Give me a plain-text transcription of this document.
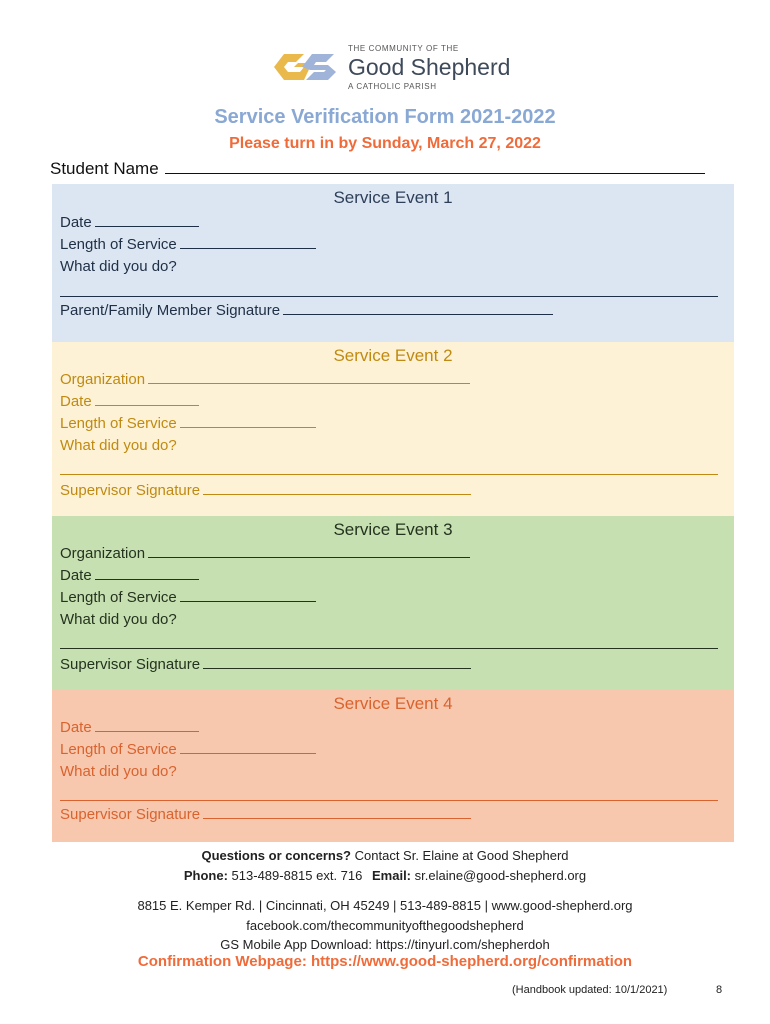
THE COMMUNITY OF THE
Good Shepherd
A CATHOLIC PARISH
Service Verification Form 2021-2022
Please turn in by Sunday, March 27, 2022
Student Name
Service Event 1
Date
Length of Service
What did you do?
Parent/Family Member Signature
Service Event 2
Organization
Date
Length of Service
What did you do?
Supervisor Signature
Service Event 3
Organization
Date
Length of Service
What did you do?
Supervisor Signature
Service Event 4
Date
Length of Service
What did you do?
Supervisor Signature
Questions or concerns? Contact Sr. Elaine at Good Shepherd
Phone: 513-489-8815 ext. 716 Email: sr.elaine@good-shepherd.org
8815 E. Kemper Rd. | Cincinnati, OH 45249 | 513-489-8815 | www.good-shepherd.org
facebook.com/thecommunityofthegoodshepherd
GS Mobile App Download: https://tinyurl.com/shepherdoh
Confirmation Webpage: https://www.good-shepherd.org/confirmation
(Handbook updated: 10/1/2021)	8
